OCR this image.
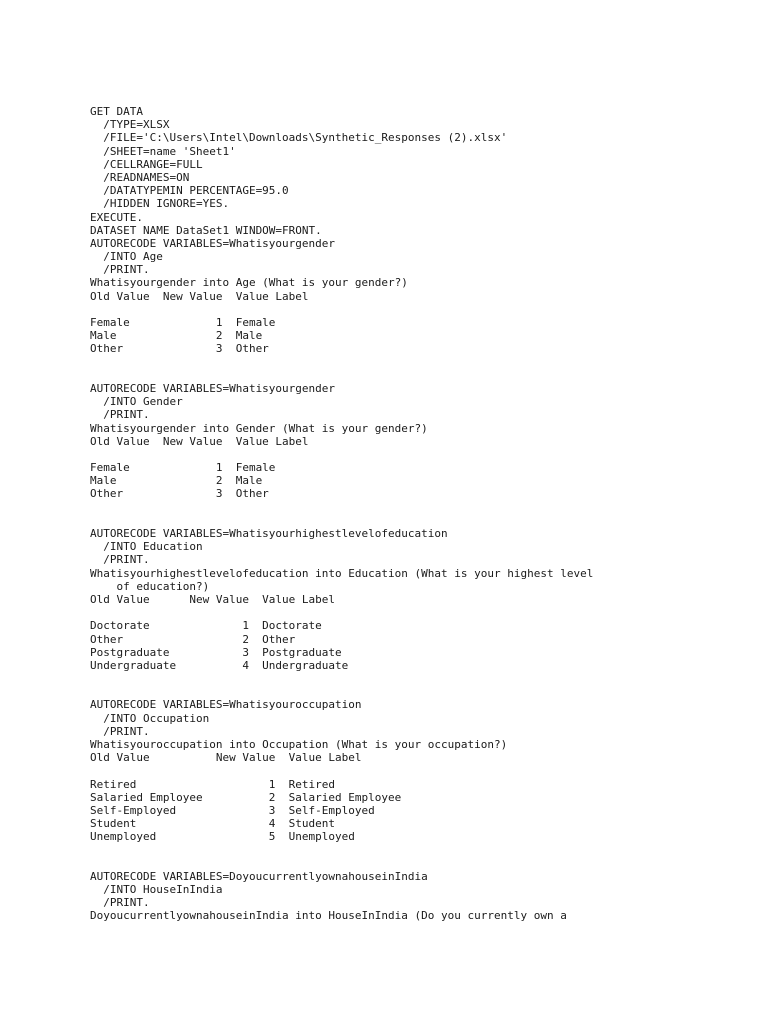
GET DATA
/TYPE=XLSX
/FILE='C:\Users\Intel\Downloads\Synthetic_Responses (2).xlsx'
/SHEET=name 'Sheet1'
/CELLRANGE=FULL
/READNAMES=ON
/DATATYPEMIN PERCENTAGE=95.0
/HIDDEN IGNORE=YES.
EXECUTE.
DATASET NAME DataSet1 WINDOW=FRONT.
AUTORECODE VARIABLES=Whatisyourgender
/INTO Age
/PRINT.
Whatisyourgender into Age (What is your gender?)
Old Value  New Value  Value Label
Female             1  Female
Male               2  Male
Other              3  Other
AUTORECODE VARIABLES=Whatisyourgender
/INTO Gender
/PRINT.
Whatisyourgender into Gender (What is your gender?)
Old Value  New Value  Value Label
Female             1  Female
Male               2  Male
Other              3  Other
AUTORECODE VARIABLES=Whatisyourhighestlevelofeducation
/INTO Education
/PRINT.
Whatisyourhighestlevelofeducation into Education (What is your highest level
of education?)
Old Value      New Value  Value Label
Doctorate              1  Doctorate
Other                  2  Other
Postgraduate           3  Postgraduate
Undergraduate          4  Undergraduate
AUTORECODE VARIABLES=Whatisyouroccupation
/INTO Occupation
/PRINT.
Whatisyouroccupation into Occupation (What is your occupation?)
Old Value          New Value  Value Label
Retired                    1  Retired
Salaried Employee          2  Salaried Employee
Self-Employed              3  Self-Employed
Student                    4  Student
Unemployed                 5  Unemployed
AUTORECODE VARIABLES=DoyoucurrentlyownahouseinIndia
/INTO HouseInIndia
/PRINT.
DoyoucurrentlyownahouseinIndia into HouseInIndia (Do you currently own a
